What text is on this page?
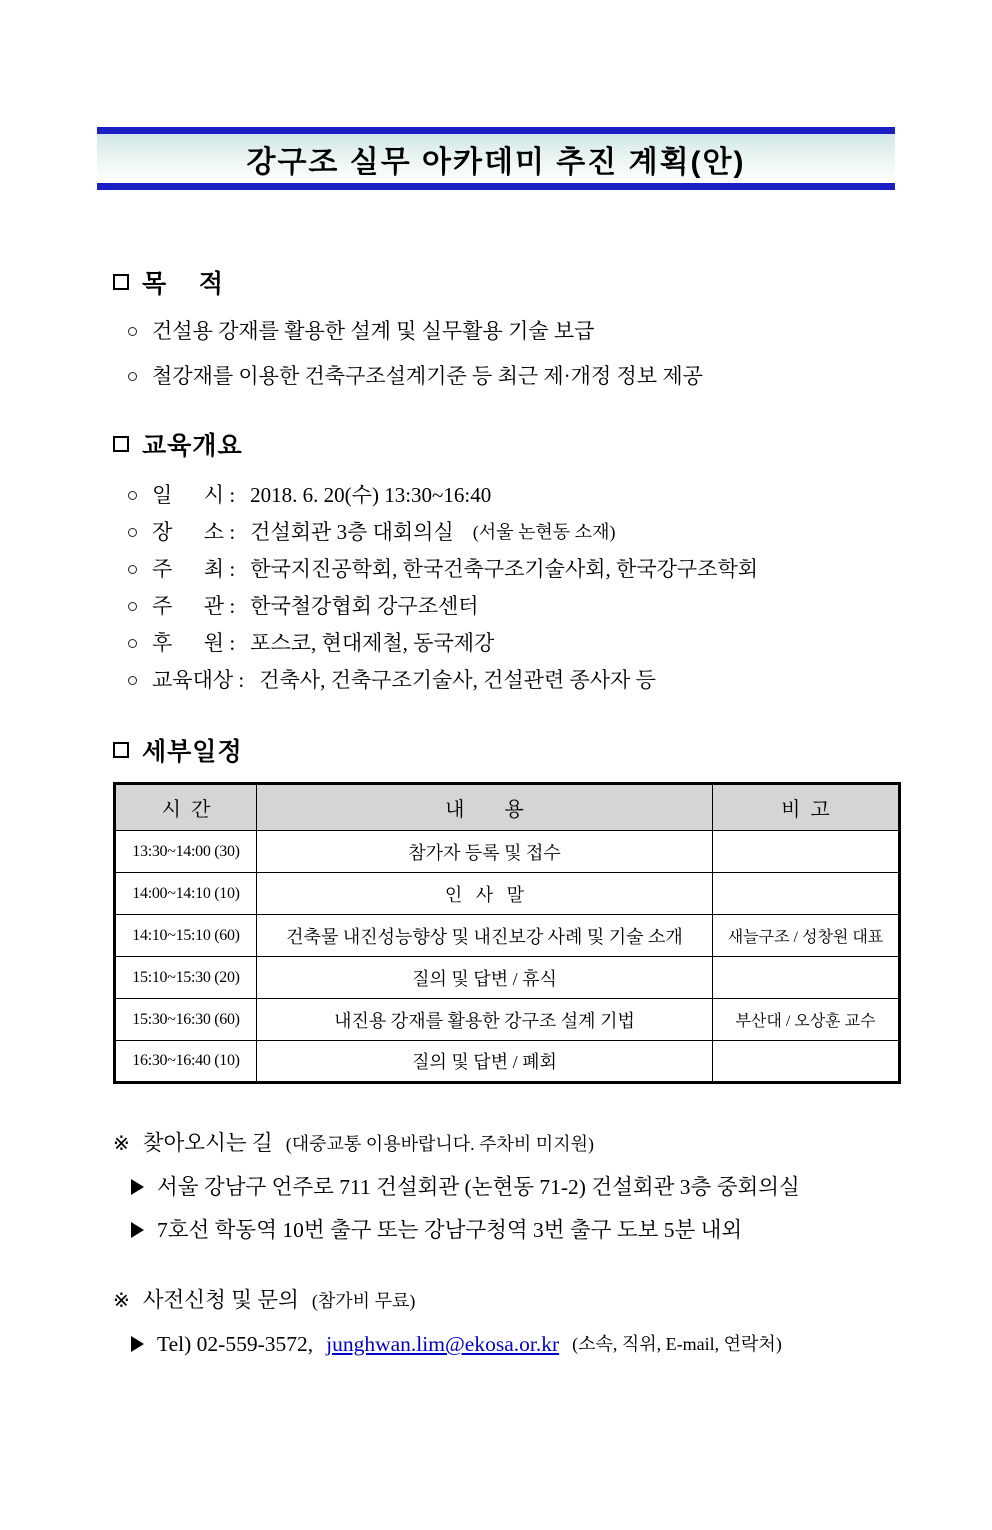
강구조 실무 아카데미 추진 계획(안)
목    적
건설용 강재를 활용한 설계 및 실무활용 기술 보급
철강재를 이용한 건축구조설계기준 등 최근 제·개정 정보 제공
교육개요
일      시 : 2018. 6. 20(수) 13:30~16:40
장      소 : 건설회관 3층 대회의실 (서울 논현동 소재)
주      최 : 한국지진공학회, 한국건축구조기술사회, 한국강구조학회
주      관 : 한국철강협회 강구조센터
후      원 : 포스코, 현대제철, 동국제강
교육대상 : 건축사, 건축구조기술사, 건설관련 종사자 등
세부일정
시  간	내        용	비  고
13:30~14:00 (30)	참가자 등록 및 접수	
14:00~14:10 (10)	인   사   말	
14:10~15:10 (60)	건축물 내진성능향상 및 내진보강 사례 및 기술 소개	새늘구조 / 성창원 대표
15:10~15:30 (20)	질의 및 답변 / 휴식	
15:30~16:30 (60)	내진용 강재를 활용한 강구조 설계 기법	부산대 / 오상훈 교수
16:30~16:40 (10)	질의 및 답변 / 폐회	
※ 찾아오시는 길 (대중교통 이용바랍니다. 주차비 미지원)
서울 강남구 언주로 711 건설회관 (논현동 71-2) 건설회관 3층 중회의실
7호선 학동역 10번 출구 또는 강남구청역 3번 출구 도보 5분 내외
※ 사전신청 및 문의 (참가비 무료)
Tel) 02-559-3572, junghwan.lim@ekosa.or.kr (소속, 직위, E-mail, 연락처)
